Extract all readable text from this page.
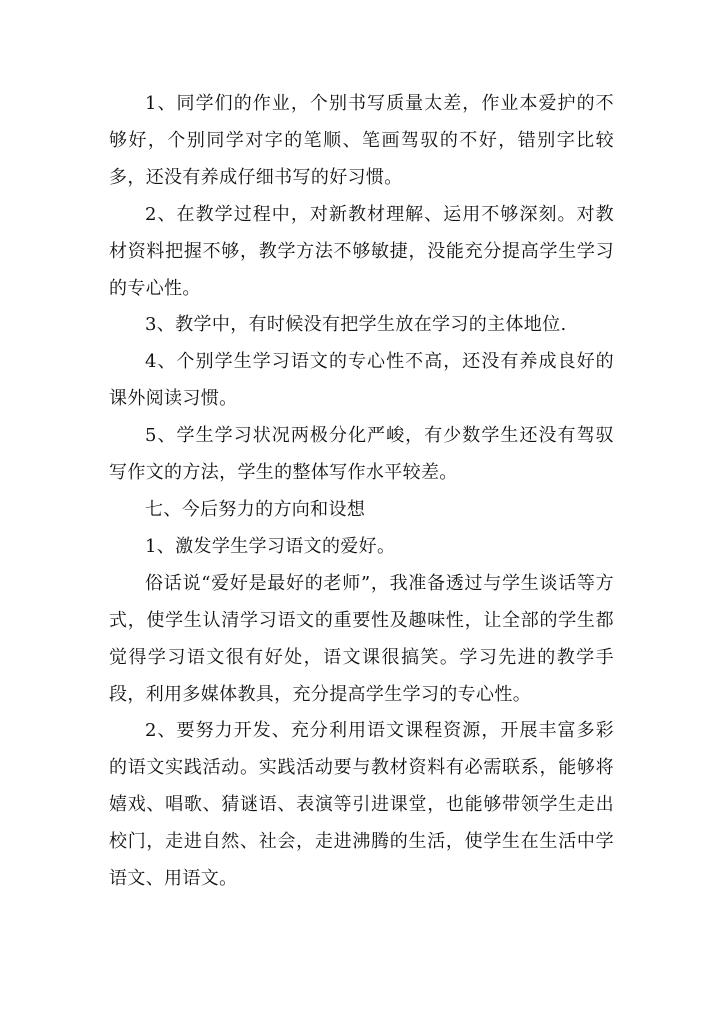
1、同学们的作业，个别书写质量太差，作业本爱护的不够好，个别同学对字的笔顺、笔画驾驭的不好，错别字比较多，还没有养成仔细书写的好习惯。

2、在教学过程中，对新教材理解、运用不够深刻。对教材资料把握不够，教学方法不够敏捷，没能充分提高学生学习的专心性。

3、教学中，有时候没有把学生放在学习的主体地位.

4、个别学生学习语文的专心性不高，还没有养成良好的课外阅读习惯。

5、学生学习状况两极分化严峻，有少数学生还没有驾驭写作文的方法，学生的整体写作水平较差。

七、今后努力的方向和设想

1、激发学生学习语文的爱好。

俗话说“爱好是最好的老师”，我准备透过与学生谈话等方式，使学生认清学习语文的重要性及趣味性，让全部的学生都觉得学习语文很有好处，语文课很搞笑。学习先进的教学手段，利用多媒体教具，充分提高学生学习的专心性。

2、要努力开发、充分利用语文课程资源，开展丰富多彩的语文实践活动。实践活动要与教材资料有必需联系，能够将嬉戏、唱歌、猜谜语、表演等引进课堂，也能够带领学生走出校门，走进自然、社会，走进沸腾的生活，使学生在生活中学语文、用语文。
